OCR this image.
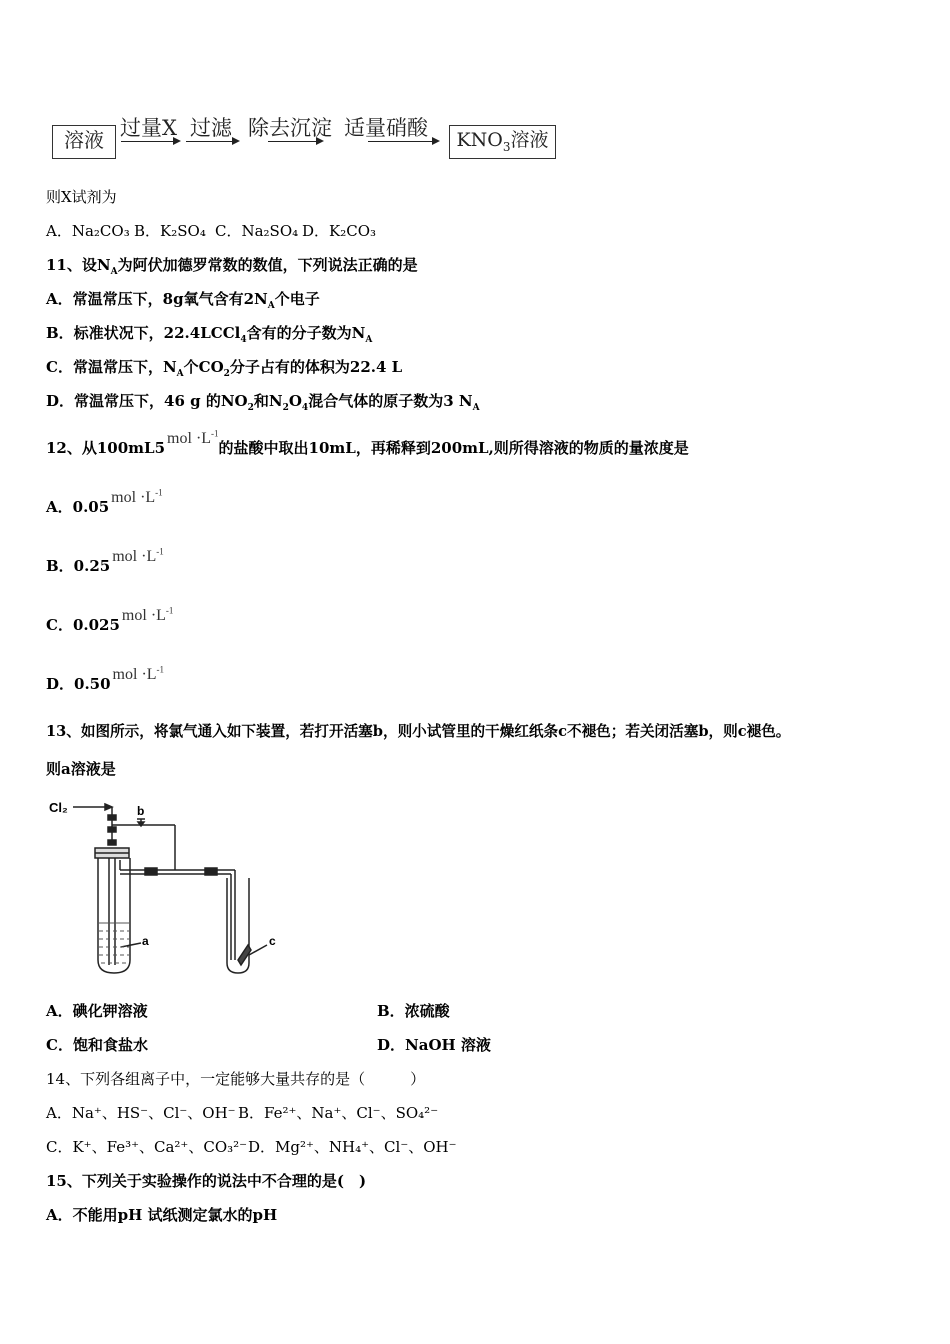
溶液 过量X 过滤 除去沉淀 适量硝酸	$KNO_3$溶液
则X试剂为
A．Na₂CO₃ B．K₂SO₄ C．Na₂SO₄ D．K₂CO₃
11、设$N_A$为阿伏加德罗常数的数值，下列说法正确的是
A．常温常压下，8g氧气含有$2N_A$个电子
B．标准状况下，22.4LCCl$_4$含有的分子数为$N_A$
C．常温常压下，$N_A$个$CO_2$分子占有的体积为22.4 L
D．常温常压下，46 g 的$NO_2$和$N_2O_4$混合气体的原子数为3 $N_A$
12、从$100mL5mol \cdot L^{-1}$的盐酸中取出10mL，再稀释到200mL,则所得溶液的物质的量浓度是
A．$0.05mol \cdot L^{-1}$
B．$0.25mol \cdot L^{-1}$
C．$0.025mol \cdot L^{-1}$
D．$0.50mol \cdot L^{-1}$
13、如图所示，将氯气通入如下装置，若打开活塞b，则小试管里的干燥红纸条c不褪色；若关闭活塞b，则c褪色。
则a溶液是
Cl₂	b
a	c
A．碘化钾溶液	B．浓硫酸
C．饱和食盐水	D．NaOH 溶液
14、下列各组离子中，一定能够大量共存的是（　　　）
A．Na⁺、HS⁻、Cl⁻、OH⁻ B．Fe²⁺、Na⁺、Cl⁻、SO₄²⁻
C．K⁺、Fe³⁺、Ca²⁺、CO₃²⁻ D．Mg²⁺、NH₄⁺、Cl⁻、OH⁻
15、下列关于实验操作的说法中不合理的是(　)
A．不能用pH 试纸测定氯水的pH
